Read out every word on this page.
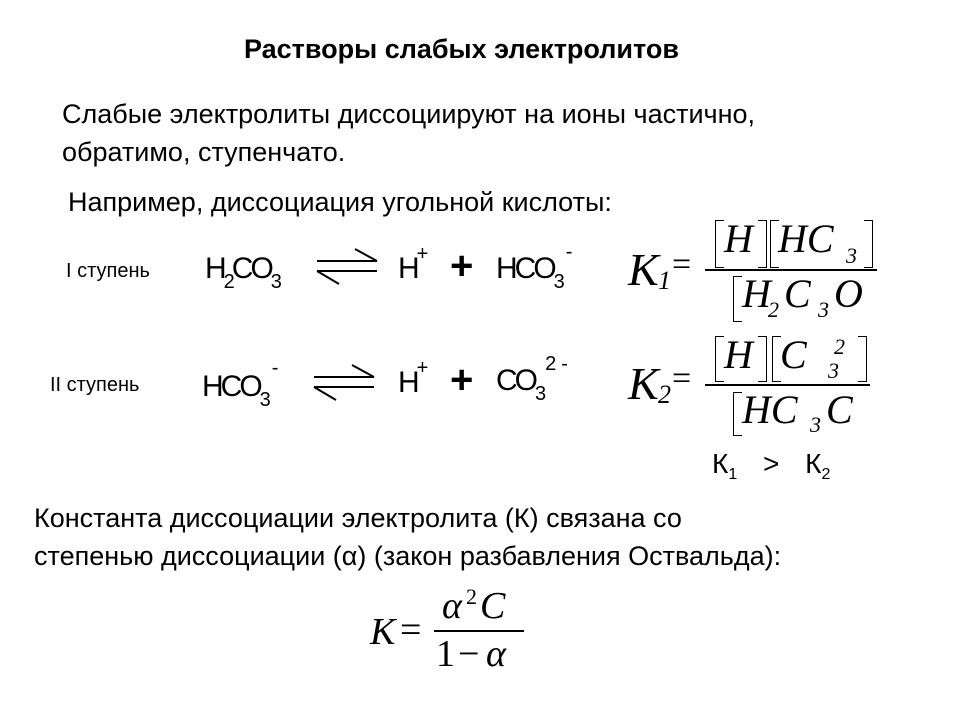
Растворы слабых электролитов
Слабые электролиты диссоциируют на ионы частично,
обратимо, ступенчато.
Например, диссоциация угольной кислоты:
I ступень H2CO3	H+ + HCO3- K 1 =
H HC 3
H
2 C 3 O
II ступень HCO3-	H+ + CO32 - K 2 =
H C 2
3
HC 3 C
$К_1 > К_2$
Константа диссоциации электролита (К) связана со
степенью диссоциации (α) (закон разбавления Оствальда):
K =
α 2 C
1 − α
